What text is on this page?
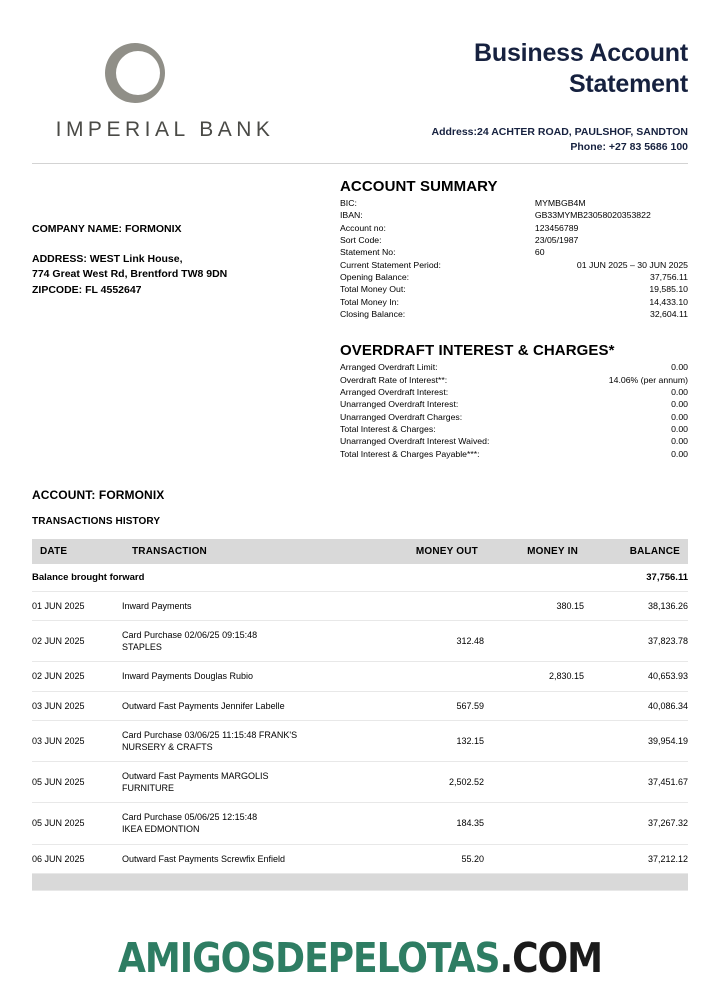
IMPERIAL BANK
Business Account
Statement
Address:24 ACHTER ROAD, PAULSHOF, SANDTON
Phone: +27 83 5686 100
COMPANY NAME: FORMONIX
ADDRESS: WEST Link House,
774 Great West Rd, Brentford TW8 9DN
ZIPCODE: FL 4552647
ACCOUNT SUMMARY
BIC:	MYMBGB4M
IBAN:	GB33MYMB23058020353822
Account no:	123456789
Sort Code:	23/05/1987
Statement No:	60
Current Statement Period:	01 JUN 2025 – 30 JUN 2025
Opening Balance:	37,756.11
Total Money Out:	19,585.10
Total Money In:	14,433.10
Closing Balance:	32,604.11
OVERDRAFT INTEREST & CHARGES*
Arranged Overdraft Limit:	0.00
Overdraft Rate of Interest**:	14.06% (per annum)
Arranged Overdraft Interest:	0.00
Unarranged Overdraft Interest:	0.00
Unarranged Overdraft Charges:	0.00
Total Interest & Charges:	0.00
Unarranged Overdraft Interest Waived:	0.00
Total Interest & Charges Payable***:	0.00
ACCOUNT: FORMONIX
TRANSACTIONS HISTORY
DATE	TRANSACTION	MONEY OUT	MONEY IN	BALANCE
Balance brought forward				37,756.11
01 JUN 2025	Inward Payments		380.15	38,136.26
02 JUN 2025	Card Purchase 02/06/25 09:15:48
STAPLES	312.48		37,823.78
02 JUN 2025	Inward Payments Douglas Rubio		2,830.15	40,653.93
03 JUN 2025	Outward Fast Payments Jennifer Labelle	567.59		40,086.34
03 JUN 2025	Card Purchase 03/06/25 11:15:48 FRANK'S
NURSERY & CRAFTS	132.15		39,954.19
05 JUN 2025	Outward Fast Payments MARGOLIS
FURNITURE	2,502.52		37,451.67
05 JUN 2025	Card Purchase 05/06/25 12:15:48
IKEA EDMONTION	184.35		37,267.32
06 JUN 2025	Outward Fast Payments Screwfix Enfield	55.20		37,212.12

AMIGOSDEPELOTAS.COM
